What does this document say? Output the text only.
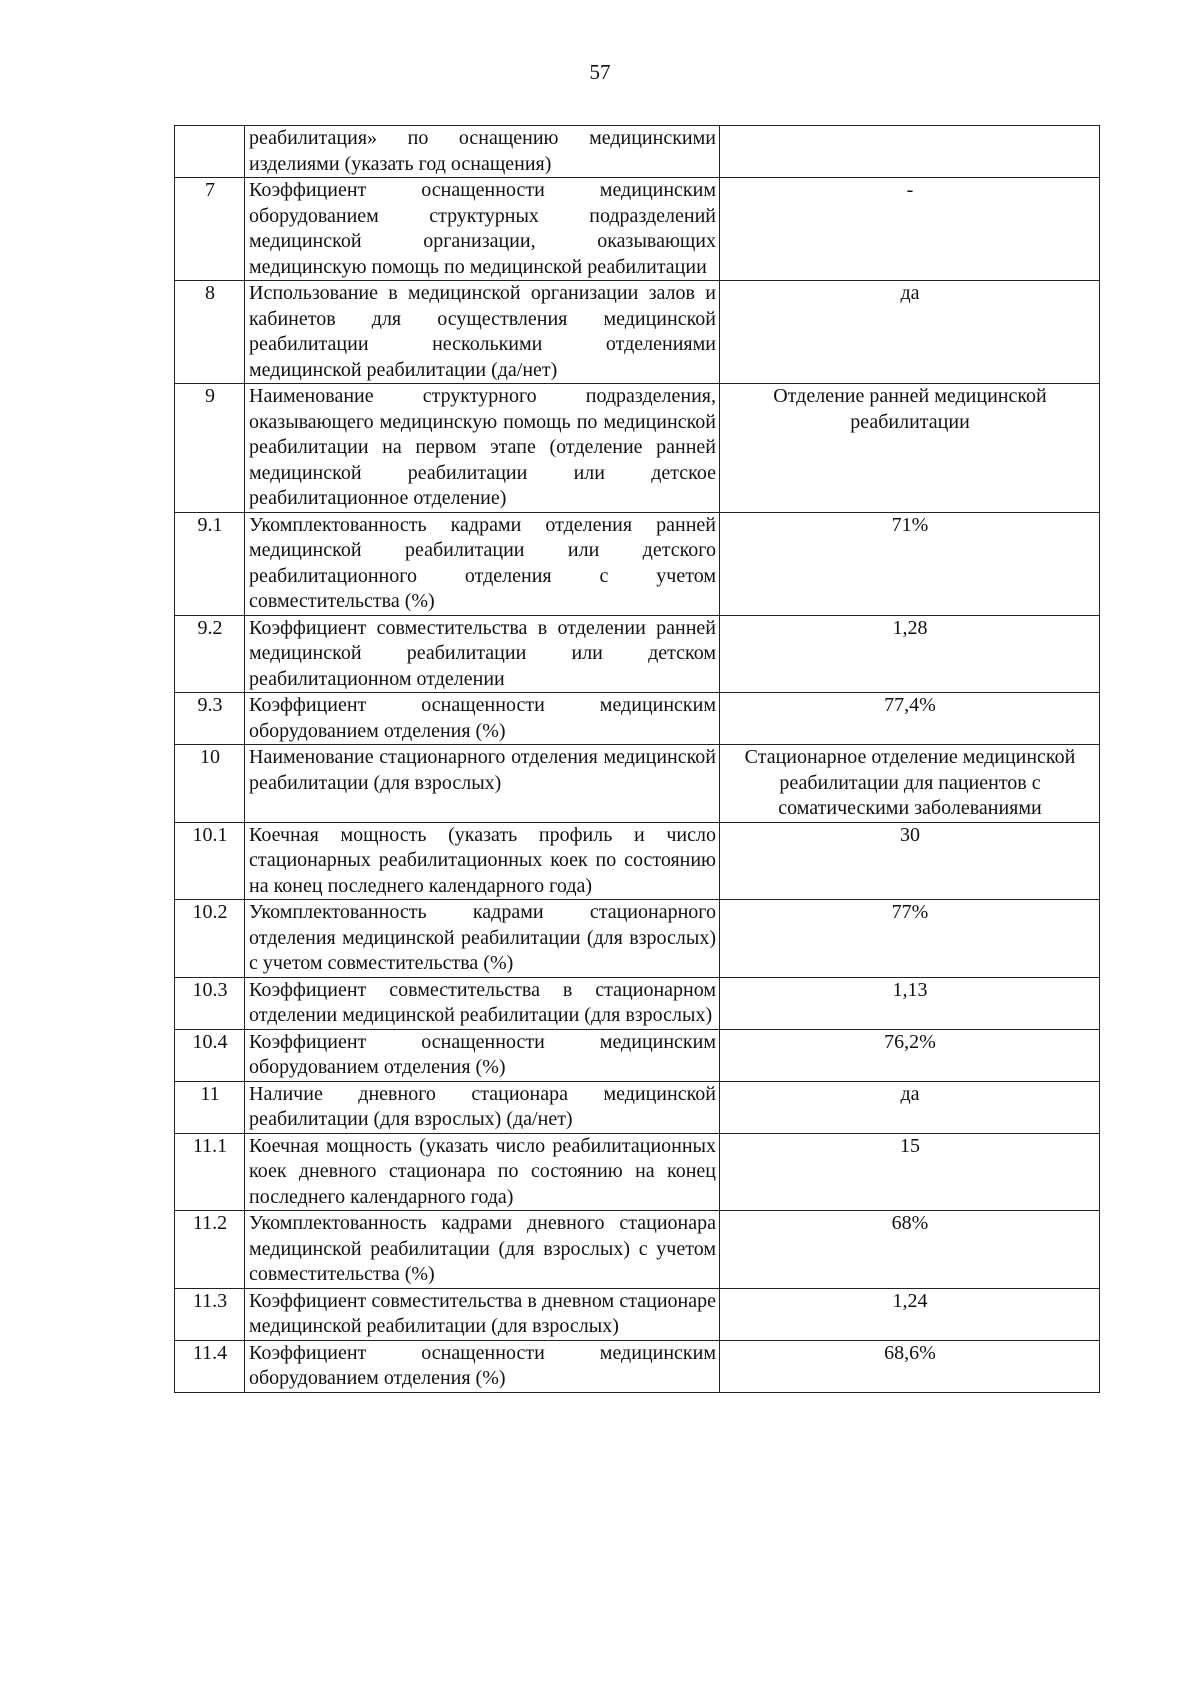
57
	реабилитация» по оснащению медицинскими изделиями (указать год оснащения)	
7	Коэффициент оснащенности медицинским оборудованием структурных подразделений медицинской организации, оказывающих медицинскую помощь по медицинской реабилитации	-
8	Использование в медицинской организации залов и кабинетов для осуществления медицинской реабилитации несколькими отделениями медицинской реабилитации (да/нет)	да
9	Наименование структурного подразделения, оказывающего медицинскую помощь по медицинской реабилитации на первом этапе (отделение ранней медицинской реабилитации или детское реабилитационное отделение)	Отделение ранней медицинской реабилитации
9.1	Укомплектованность кадрами отделения ранней медицинской реабилитации или детского реабилитационного отделения с учетом совместительства (%)	71%
9.2	Коэффициент совместительства в отделении ранней медицинской реабилитации или детском реабилитационном отделении	1,28
9.3	Коэффициент оснащенности медицинским оборудованием отделения (%)	77,4%
10	Наименование стационарного отделения медицинской реабилитации (для взрослых)	Стационарное отделение медицинской реабилитации для пациентов с соматическими заболеваниями
10.1	Коечная мощность (указать профиль и число стационарных реабилитационных коек по состоянию на конец последнего календарного года)	30
10.2	Укомплектованность кадрами стационарного отделения медицинской реабилитации (для взрослых) с учетом совместительства (%)	77%
10.3	Коэффициент совместительства в стационарном отделении медицинской реабилитации (для взрослых)	1,13
10.4	Коэффициент оснащенности медицинским оборудованием отделения (%)	76,2%
11	Наличие дневного стационара медицинской реабилитации (для взрослых) (да/нет)	да
11.1	Коечная мощность (указать число реабилитационных коек дневного стационара по состоянию на конец последнего календарного года)	15
11.2	Укомплектованность кадрами дневного стационара медицинской реабилитации (для взрослых) с учетом совместительства (%)	68%
11.3	Коэффициент совместительства в дневном стационаре медицинской реабилитации (для взрослых)	1,24
11.4	Коэффициент оснащенности медицинским оборудованием отделения (%)	68,6%
